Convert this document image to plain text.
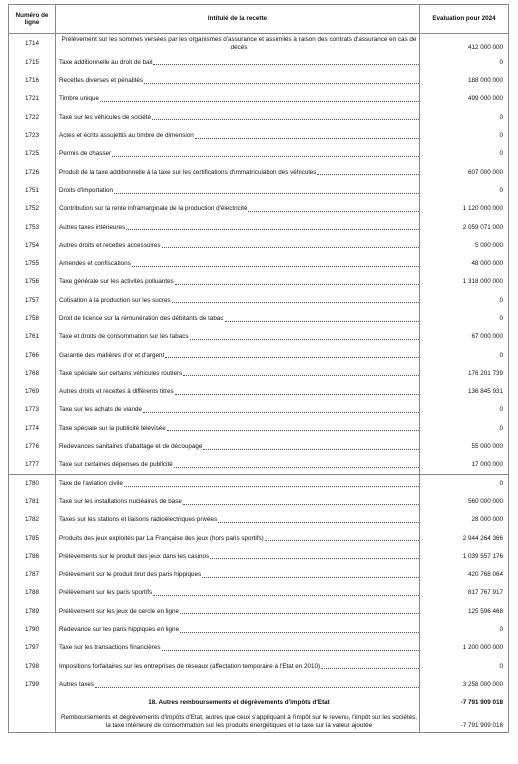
Numéro de ligne	Intitulé de la recette	Evaluation pour 2024
1714	Prélèvement sur les sommes versées par les organismes d'assurance et assimilés à raison des contrats d'assurance en cas de décès	412 000 000
1715	Taxe additionnelle au droit de bail	0
1716	Recettes diverses et pénalités	188 000 000
1721	Timbre unique	499 000 000
1722	Taxe sur les véhicules de société	0
1723	Actes et écrits assujettis au timbre de dimension	0
1725	Permis de chasser	0
1726	Produit de la taxe additionnelle à la taxe sur les certifications d'immatriculation des véhicules	607 000 000
1751	Droits d'importation	0
1752	Contribution sur la rente inframarginale de la production d'électricité	1 120 000 000
1753	Autres taxes intérieures	2 059 071 000
1754	Autres droits et recettes accessoires	5 000 000
1755	Amendes et confiscations	48 000 000
1756	Taxe générale sur les activités polluantes	1 318 000 000
1757	Cotisation à la production sur les sucres	0
1758	Droit de licence sur la rémunération des débitants de tabac	0
1761	Taxe et droits de consommation sur les tabacs	67 000 000
1766	Garantie des matières d'or et d'argent	0
1768	Taxe spéciale sur certains véhicules routiers	176 201 739
1769	Autres droits et recettes à différents titres	136 845 931
1773	Taxe sur les achats de viande	0
1774	Taxe spéciale sur la publicité télévisée	0
1776	Redevances sanitaires d'abattage et de découpage	55 000 000
1777	Taxe sur certaines dépenses de publicité	17 000 000
1780	Taxe de l'aviation civile	0
1781	Taxe sur les installations nucléaires de base	560 000 000
1782	Taxes sur les stations et liaisons radioélectriques privées	28 000 000
1785	Produits des jeux exploités par La Française des jeux (hors paris sportifs)	2 944 264 366
1786	Prélèvements sur le produit des jeux dans les casinos	1 039 557 176
1787	Prélèvement sur le produit brut des paris hippiques	420 768 064
1788	Prélèvement sur les paris sportifs	817 767 917
1789	Prélèvement sur les jeux de cercle en ligne	125 596 468
1790	Redevance sur les paris hippiques en ligne	0
1797	Taxe sur les transactions financières	1 200 000 000
1798	Impositions forfaitaires sur les entreprises de réseaux (affectation temporaire à l'Etat en 2010)	0
1799	Autres taxes	3 258 000 000
	18. Autres remboursements et dégrèvements d'impôts d'Etat	-7 791 909 018
	Remboursements et dégrèvements d'impôts d'Etat, autres que ceux s'appliquant à l'impôt sur le revenu, l'impôt sur les sociétés, la taxe intérieure de consommation sur les produits énergétiques et la taxe sur la valeur ajoutée	-7 791 909 018
